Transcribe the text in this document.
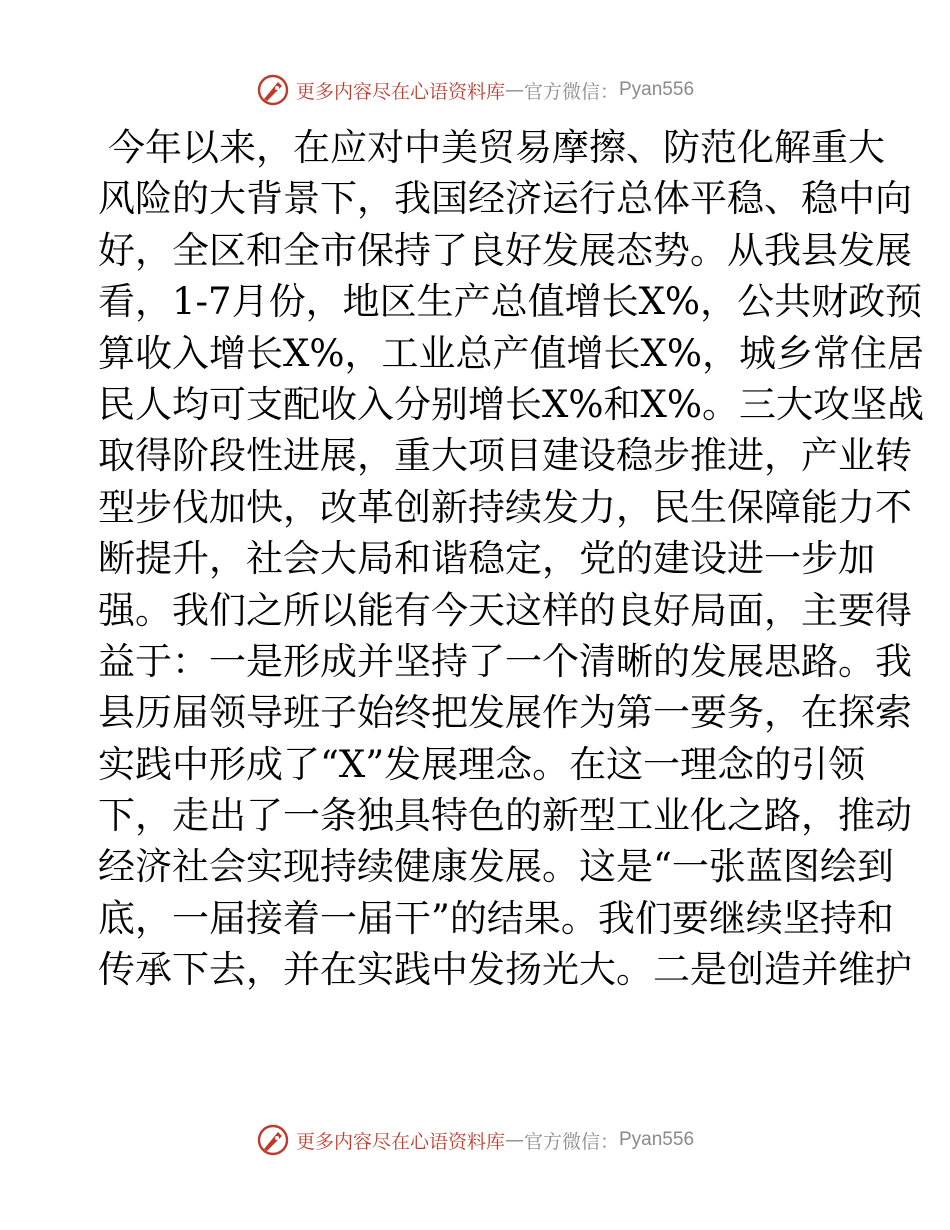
更多内容尽在心语资料库 — 官方微信： Pyan556
今年以来，在应对中美贸易摩擦、防范化解重大
风险的大背景下，我国经济运行总体平稳、稳中向
好，全区和全市保持了良好发展态势。从我县发展
看，1-7月份，地区生产总值增长X%，公共财政预
算收入增长X%，工业总产值增长X%，城乡常住居
民人均可支配收入分别增长X%和X%。三大攻坚战
取得阶段性进展，重大项目建设稳步推进，产业转
型步伐加快，改革创新持续发力，民生保障能力不
断提升，社会大局和谐稳定，党的建设进一步加
强。我们之所以能有今天这样的良好局面，主要得
益于：一是形成并坚持了一个清晰的发展思路。我
县历届领导班子始终把发展作为第一要务，在探索
实践中形成了“X”发展理念。在这一理念的引领
下，走出了一条独具特色的新型工业化之路，推动
经济社会实现持续健康发展。这是“一张蓝图绘到
底，一届接着一届干”的结果。我们要继续坚持和
传承下去，并在实践中发扬光大。二是创造并维护
更多内容尽在心语资料库 — 官方微信： Pyan556
